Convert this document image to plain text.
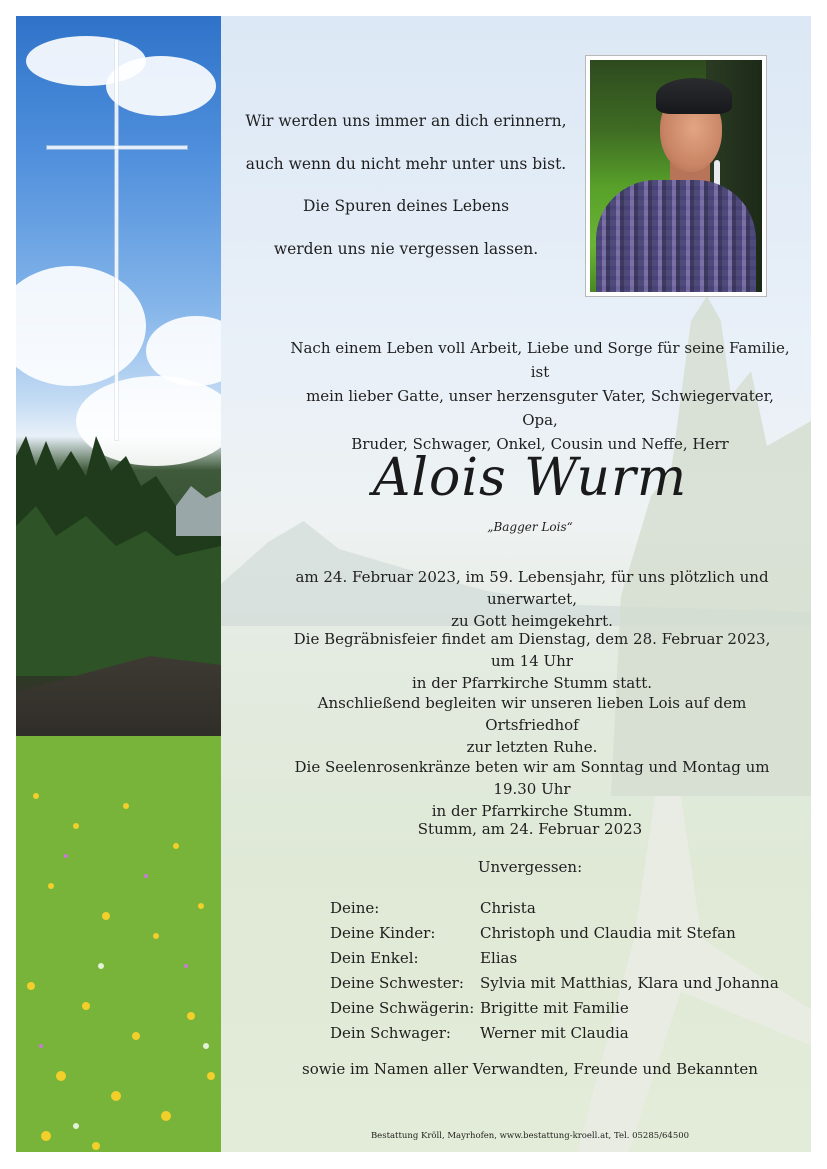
Wir werden uns immer an dich erinnern,
auch wenn du nicht mehr unter uns bist.
Die Spuren deines Lebens
werden uns nie vergessen lassen.
Nach einem Leben voll Arbeit, Liebe und Sorge für seine Familie, ist
mein lieber Gatte, unser herzensguter Vater, Schwiegervater, Opa,
Bruder, Schwager, Onkel, Cousin und Neffe, Herr
Alois Wurm
„Bagger Lois“
am 24. Februar 2023, im 59. Lebensjahr, für uns plötzlich und unerwartet,
zu Gott heimgekehrt.
Die Begräbnisfeier findet am Dienstag, dem 28. Februar 2023, um 14 Uhr
in der Pfarrkirche Stumm statt.
Anschließend begleiten wir unseren lieben Lois auf dem Ortsfriedhof
zur letzten Ruhe.
Die Seelenrosenkränze beten wir am Sonntag und Montag um 19.30 Uhr
in der Pfarrkirche Stumm.
Stumm, am 24. Februar 2023
Unvergessen:
Deine:	Christa
Deine Kinder:	Christoph und Claudia mit Stefan
Dein Enkel:	Elias
Deine Schwester:	Sylvia mit Matthias, Klara und Johanna
Deine Schwägerin: Brigitte mit Familie
Dein Schwager:	Werner mit Claudia
sowie im Namen aller Verwandten, Freunde und Bekannten
Bestattung Kröll, Mayrhofen, www.bestattung-kroell.at, Tel. 05285/64500
